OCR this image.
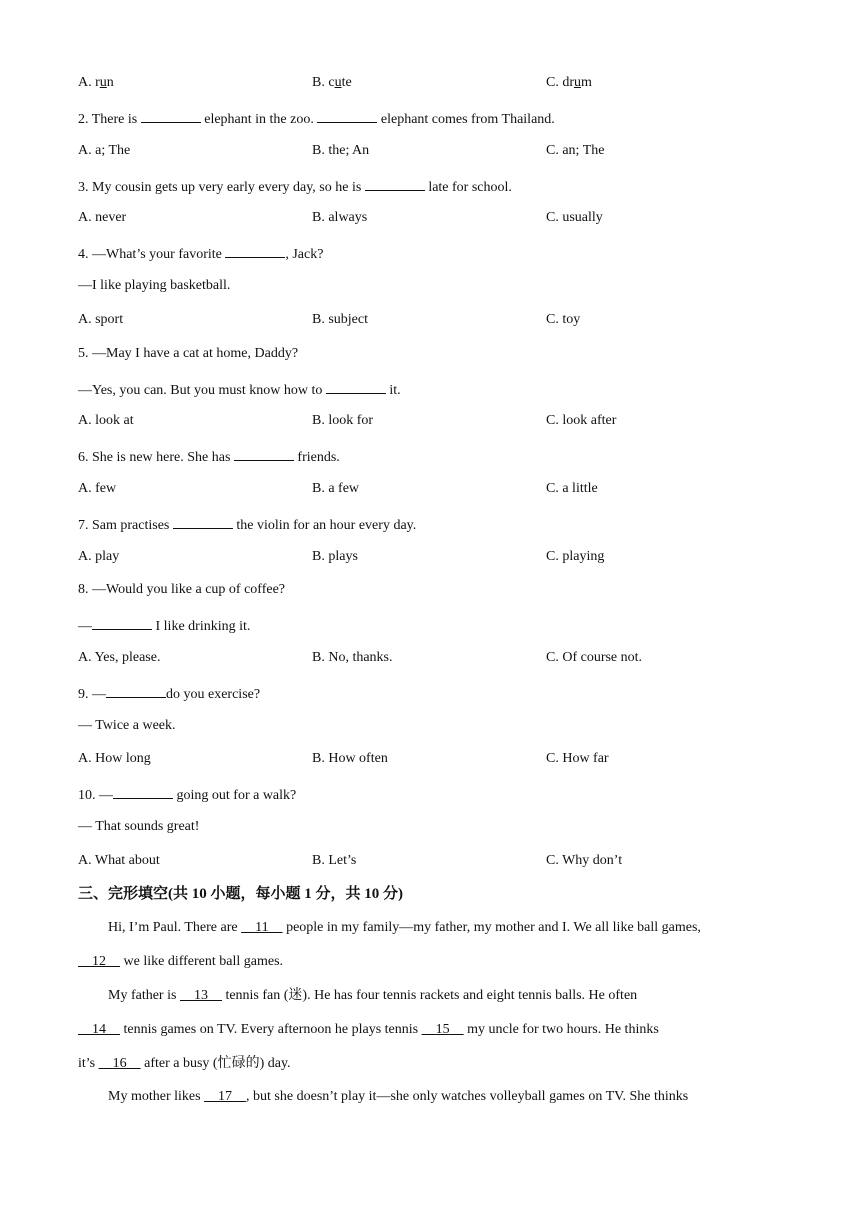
A. run	B. cute	C. drum
2. There is	elephant in the zoo.	elephant comes from Thailand.
A. a; The	B. the; An	C. an; The
3. My cousin gets up very early every day, so he is	late for school.
A. never	B. always	C. usually
4. —What’s your favorite	, Jack?
—I like playing basketball.
A. sport	B. subject	C. toy
5. —May I have a cat at home, Daddy?
—Yes, you can. But you must know how to	it.
A. look at	B. look for	C. look after
6. She is new here. She has	friends.
A. few	B. a few	C. a little
7. Sam practises	the violin for an hour every day.
A. play	B. plays	C. playing
8. —Would you like a cup of coffee?
—	I like drinking it.
A. Yes, please.	B. No, thanks.	C. Of course not.
9. —	do you exercise?
— Twice a week.
A. How long	B. How often	C. How far
10. —	going out for a walk?
— That sounds great!
A. What about	B. Let’s	C. Why don’t
三、完形填空(共 10 小题，每小题 1 分，共 10 分)
Hi, I’m Paul. There are     11     people in my family—my father, my mother and I. We all like ball games,
12     we like different ball games.
My father is     13     tennis fan (迷). He has four tennis rackets and eight tennis balls. He often
14     tennis games on TV. Every afternoon he plays tennis     15     my uncle for two hours. He thinks
it’s     16     after a busy (忙碌的) day.
My mother likes     17 , but she doesn’t play it—she only watches volleyball games on TV. She thinks
